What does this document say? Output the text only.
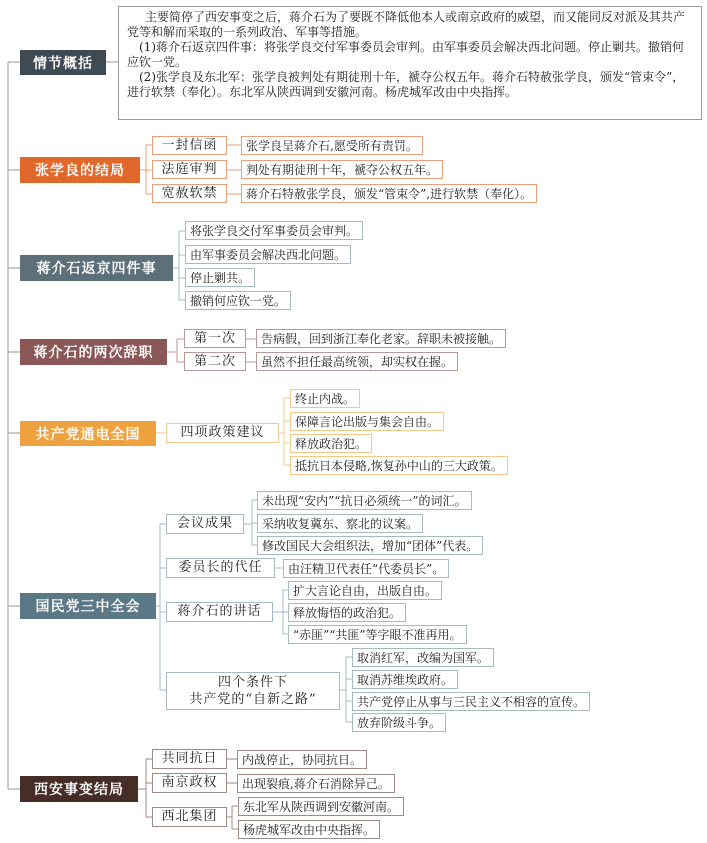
情节概括

主要简停了西安事变之后，蒋介石为了要既不降低他本人或南京政府的威望，而又能同反对派及其共产党等和解而采取的一系列政治、军事等措施。

(1)蒋介石返京四件事：将张学良交付军事委员会审判。由军事委员会解决西北问题。停止剿共。撤销何应钦一党。

(2)张学良及东北军：张学良被判处有期徒刑十年，褫夺公权五年。蒋介石特赦张学良，颁发“管束令”，进行软禁（奉化）。东北军从陕西调到安徽河南。杨虎城军改由中央指挥。

张学良的结局
一封信函	张学良呈蒋介石,愿受所有责罚。
法庭审判	判处有期徒刑十年，褫夺公权五年。
宽赦软禁	蒋介石特赦张学良，颁发“管束令”,进行软禁（奉化）。
蒋介石返京四件事
将张学良交付军事委员会审判。
由军事委员会解决西北问题。
停止剿共。
撤销何应钦一党。
蒋介石的两次辞职
第一次	告病假，回到浙江奉化老家。辞职未被接触。
第二次	虽然不担任最高统领，却实权在握。
共产党通电全国	四项政策建议
终止内战。
保障言论出版与集会自由。
释放政治犯。
抵抗日本侵略,恢复孙中山的三大政策。
国民党三中全会
会议成果
未出现“安内”“抗日必须统一”的词汇。
采纳收复冀东、察北的议案。
修改国民大会组织法，增加“团体”代表。
委员长的代任	由汪精卫代表任“代委员长”。
蒋介石的讲话
扩大言论自由，出版自由。
释放悔悟的政治犯。
“赤匪”“共匪”等字眼不准再用。
四个条件下
共产党的“自新之路”
取消红军，改编为国军。
取消苏维埃政府。
共产党停止从事与三民主义不相容的宣传。
放弃阶级斗争。
西安事变结局
共同抗日	内战停止，协同抗日。
南京政权	出现裂痕,蒋介石消除异己。
西北集团
东北军从陕西调到安徽河南。
杨虎城军改由中央指挥。
